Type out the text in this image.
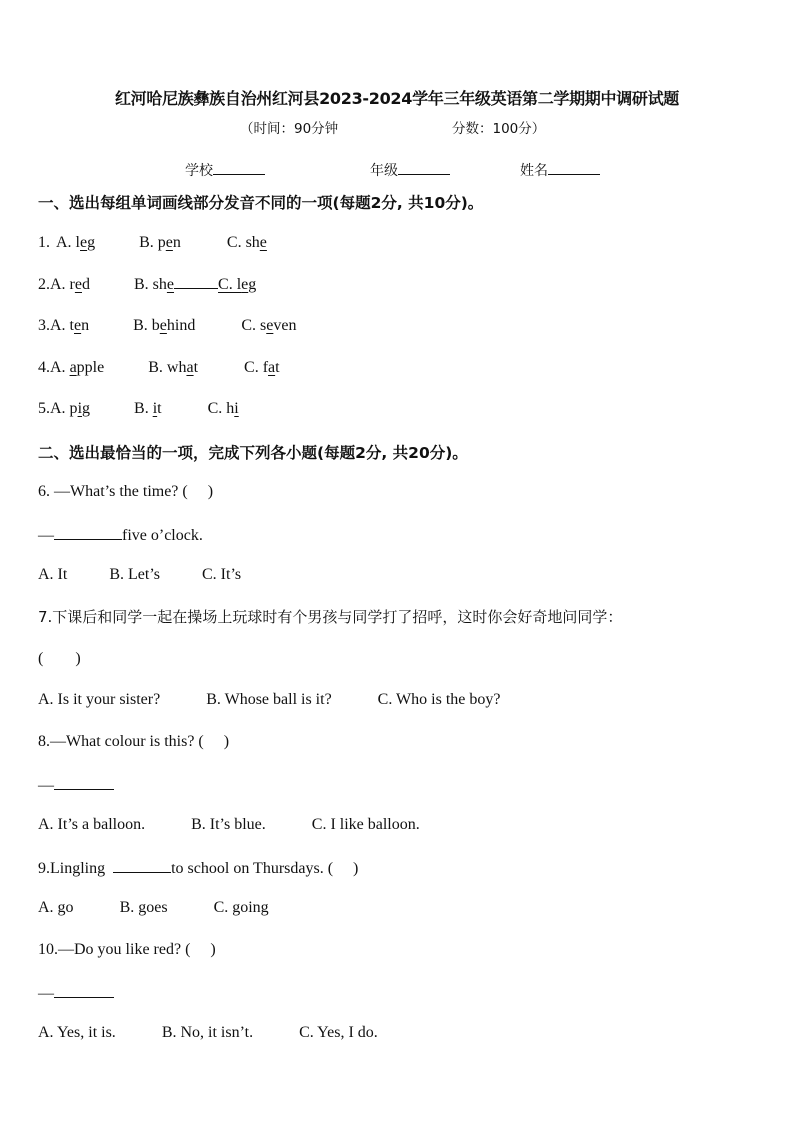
红河哈尼族彝族自治州红河县2023-2024学年三年级英语第二学期期中调研试题
（时间：90分钟	分数：100分）
学校	年级	姓名
一、选出每组单词画线部分发音不同的一项(每题2分, 共10分)。
1. A. leg	B. pen	C. she
2.A. red	B. she	C. leg
3.A. ten	B. behind	C. seven
4.A. apple	B. what	C. fat
5.A. pig	B. it	C. hi
二、选出最恰当的一项，完成下列各小题(每题2分, 共20分)。
6. —What’s the time? (　 )
—	five o’clock.
A. It	B. Let’s	C. It’s
7.下课后和同学一起在操场上玩球时有个男孩与同学打了招呼，这时你会好奇地问同学：
(　　)
A. Is it your sister?	B. Whose ball is it?	C. Who is the boy?
8.—What colour is this? (　 )
—
A. It’s a balloon.	B. It’s blue.	C. I like balloon.
9.Lingling	to school on Thursdays. (　 )
A. go	B. goes	C. going
10.—Do you like red? (　 )
—
A. Yes, it is.	B. No, it isn’t.	C. Yes, I do.
